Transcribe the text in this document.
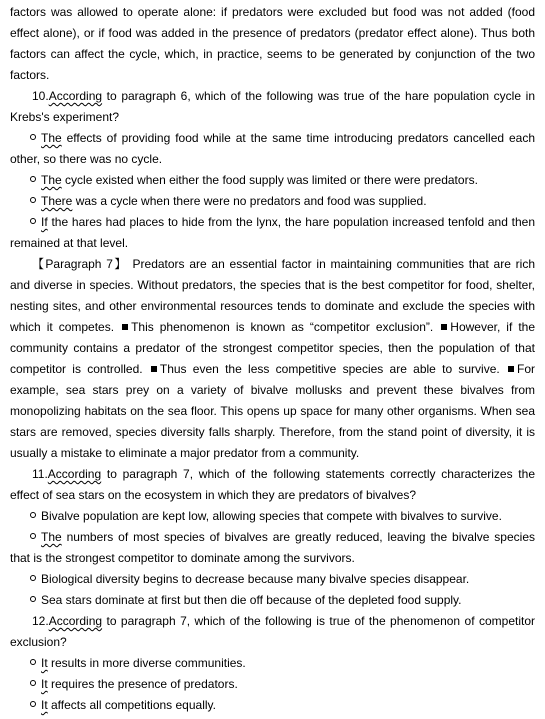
factors was allowed to operate alone: if predators were excluded but food was not added (food effect alone), or if food was added in the presence of predators (predator effect alone). Thus both factors can affect the cycle, which, in practice, seems to be generated by conjunction of the two factors.

10.According to paragraph 6, which of the following was true of the hare population cycle in Krebs's experiment?

The effects of providing food while at the same time introducing predators cancelled each other, so there was no cycle.

The cycle existed when either the food supply was limited or there were predators.

There was a cycle when there were no predators and food was supplied.

If the hares had places to hide from the lynx, the hare population increased tenfold and then remained at that level.

【Paragraph 7】 Predators are an essential factor in maintaining communities that are rich and diverse in species. Without predators, the species that is the best competitor for food, shelter, nesting sites, and other environmental resources tends to dominate and exclude the species with which it competes. This phenomenon is known as “competitor exclusion”. However, if the community contains a predator of the strongest competitor species, then the population of that competitor is controlled. Thus even the less competitive species are able to survive. For example, sea stars prey on a variety of bivalve mollusks and prevent these bivalves from monopolizing habitats on the sea floor. This opens up space for many other organisms. When sea stars are removed, species diversity falls sharply. Therefore, from the stand point of diversity, it is usually a mistake to eliminate a major predator from a community.

11.According to paragraph 7, which of the following statements correctly characterizes the effect of sea stars on the ecosystem in which they are predators of bivalves?

Bivalve population are kept low, allowing species that compete with bivalves to survive.

The numbers of most species of bivalves are greatly reduced, leaving the bivalve species that is the strongest competitor to dominate among the survivors.

Biological diversity begins to decrease because many bivalve species disappear.

Sea stars dominate at first but then die off because of the depleted food supply.

12.According to paragraph 7, which of the following is true of the phenomenon of competitor exclusion?

It results in more diverse communities.

It requires the presence of predators.

It affects all competitions equally.
